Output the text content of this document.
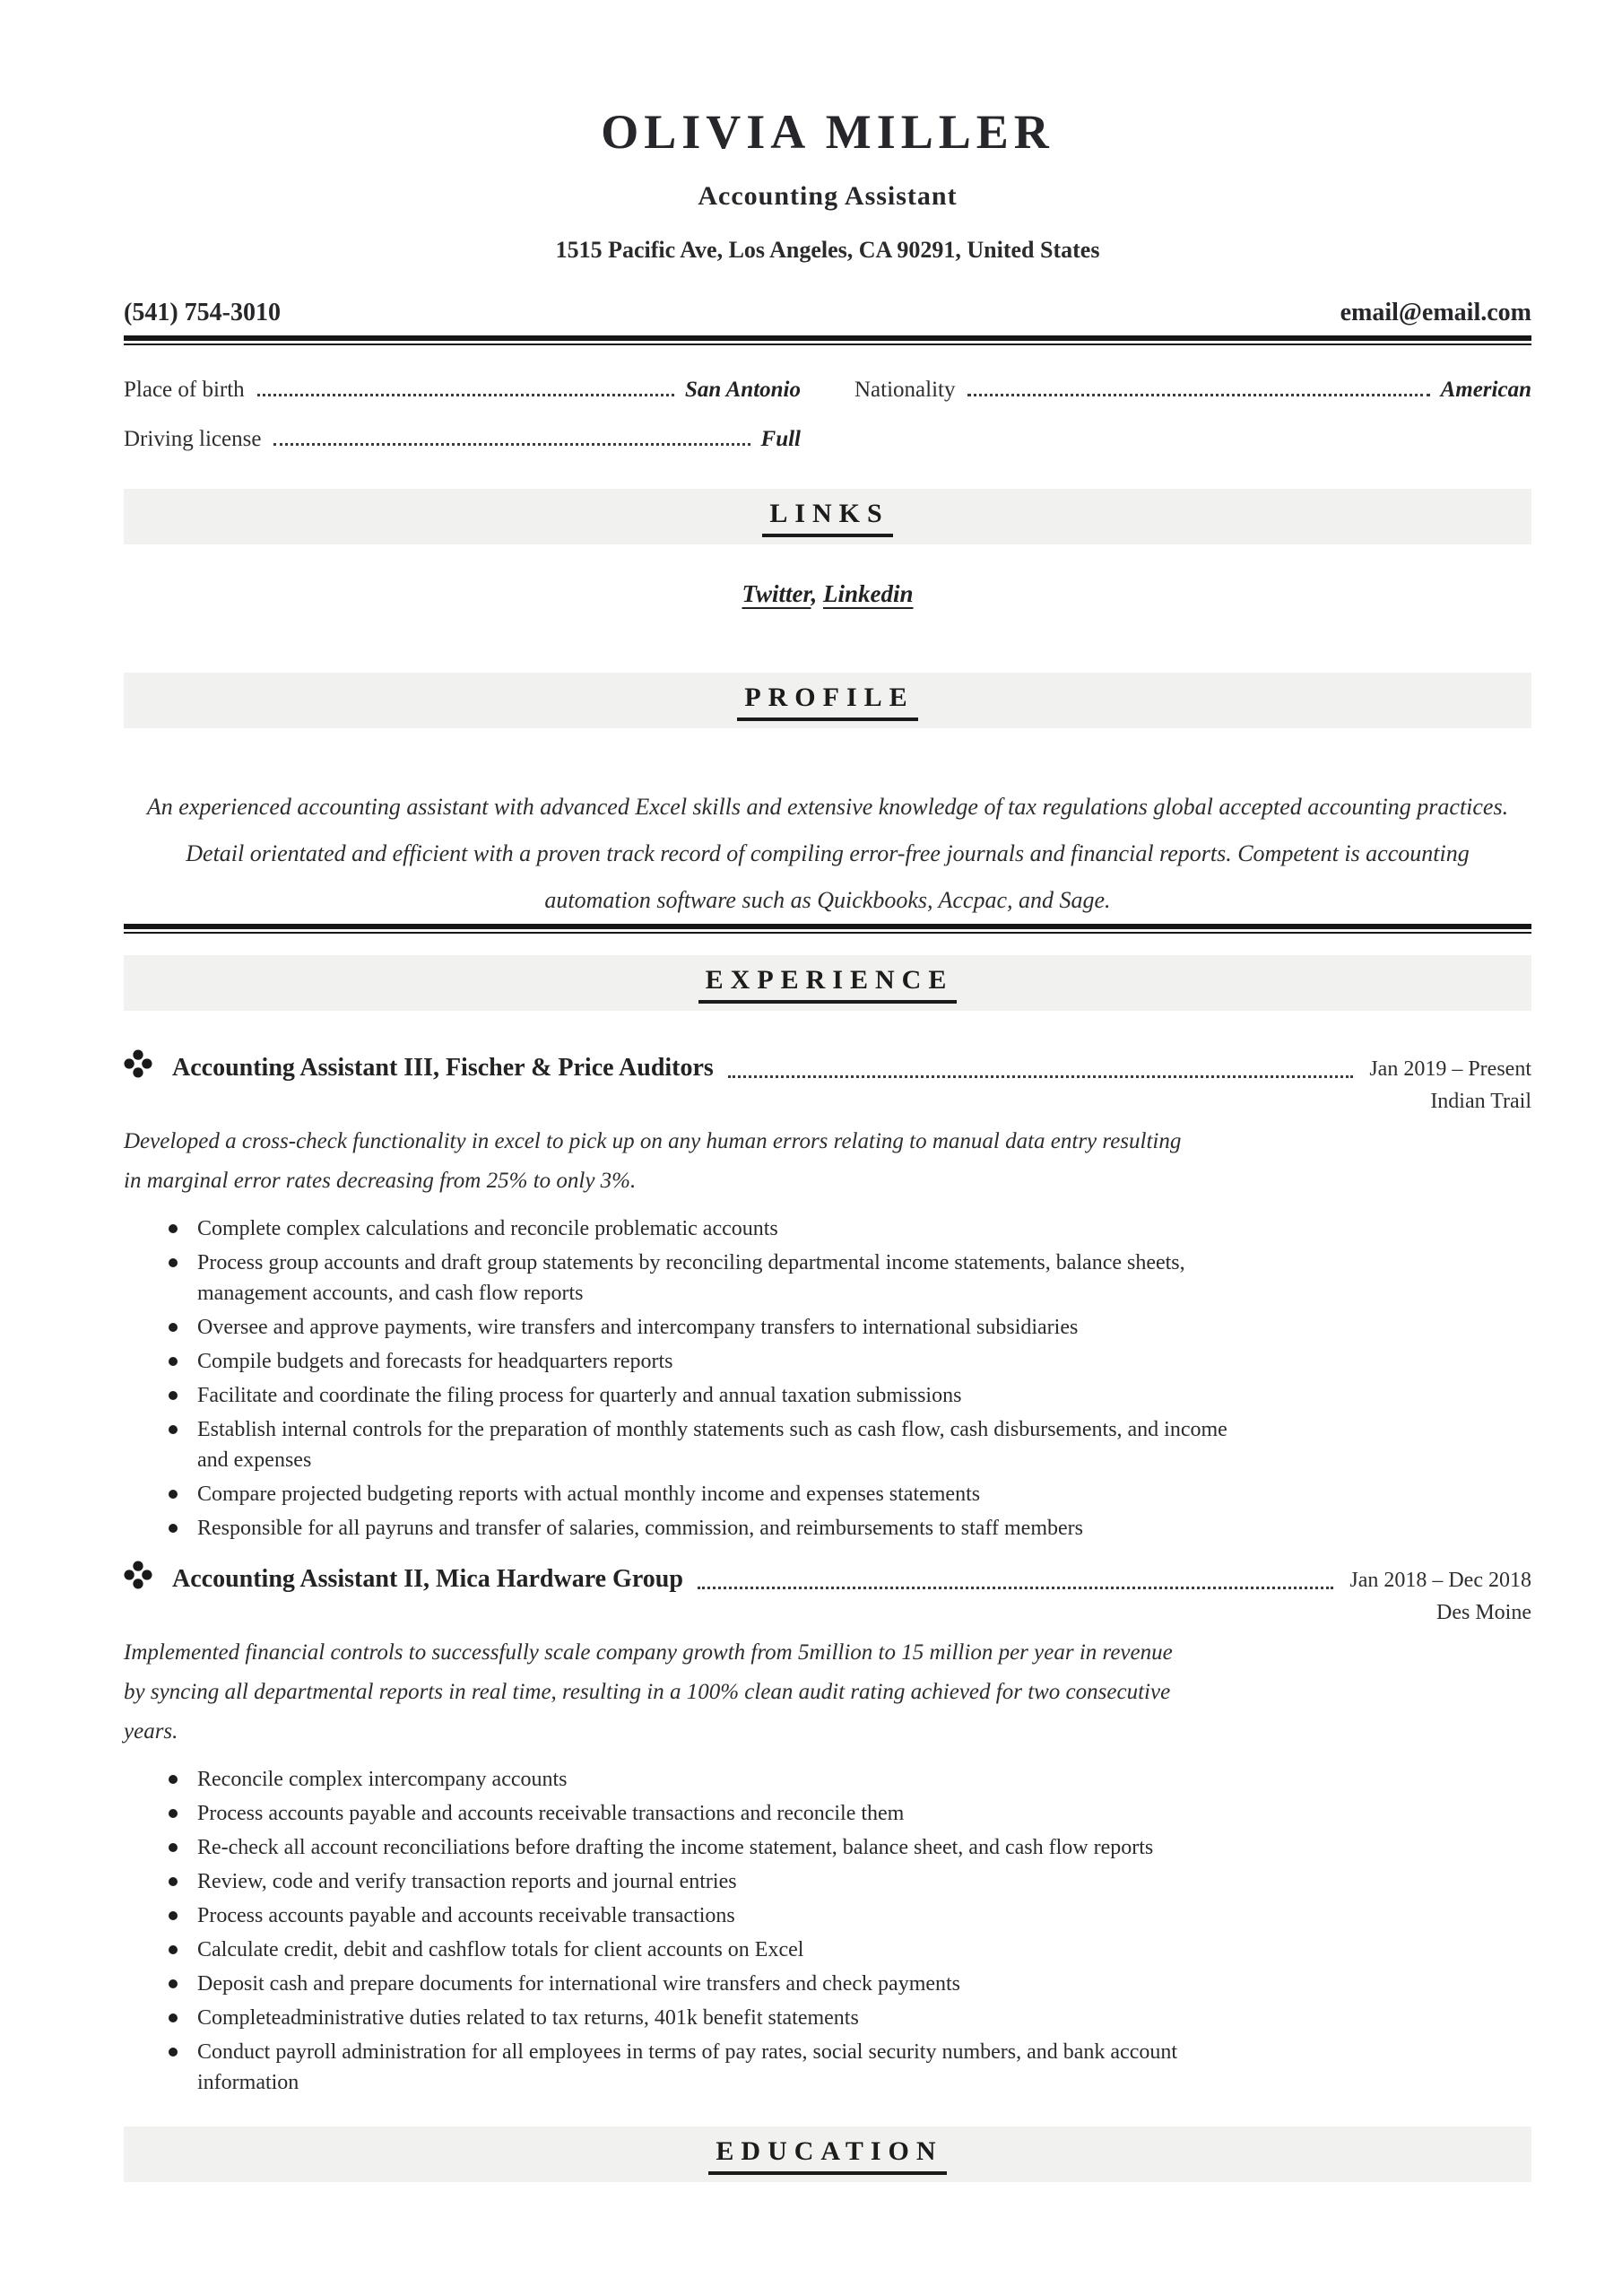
OLIVIA MILLER
Accounting Assistant
1515 Pacific Ave, Los Angeles, CA 90291, United States
(541) 754-3010	email@email.com
Place of birth	San Antonio Nationality	American
Driving license	Full
LINKS
Twitter, Linkedin
PROFILE

An experienced accounting assistant with advanced Excel skills and extensive knowledge of tax regulations global accepted accounting practices. Detail orientated and efficient with a proven track record of compiling error-free journals and financial reports. Competent is accounting automation software such as Quickbooks, Accpac, and Sage.

EXPERIENCE
Accounting Assistant III, Fischer & Price Auditors	Jan 2019 – Present
Indian Trail

Developed a cross-check functionality in excel to pick up on any human errors relating to manual data entry resulting in marginal error rates decreasing from 25% to only 3%.

Complete complex calculations and reconcile problematic accounts
Process group accounts and draft group statements by reconciling departmental income statements, balance sheets, management accounts, and cash flow reports
Oversee and approve payments, wire transfers and intercompany transfers to international subsidiaries
Compile budgets and forecasts for headquarters reports
Facilitate and coordinate the filing process for quarterly and annual taxation submissions
Establish internal controls for the preparation of monthly statements such as cash flow, cash disbursements, and income and expenses
Compare projected budgeting reports with actual monthly income and expenses statements
Responsible for all payruns and transfer of salaries, commission, and reimbursements to staff members
Accounting Assistant II, Mica Hardware Group	Jan 2018 – Dec 2018
Des Moine

Implemented financial controls to successfully scale company growth from 5million to 15 million per year in revenue by syncing all departmental reports in real time, resulting in a 100% clean audit rating achieved for two consecutive years.

Reconcile complex intercompany accounts
Process accounts payable and accounts receivable transactions and reconcile them
Re-check all account reconciliations before drafting the income statement, balance sheet, and cash flow reports
Review, code and verify transaction reports and journal entries
Process accounts payable and accounts receivable transactions
Calculate credit, debit and cashflow totals for client accounts on Excel
Deposit cash and prepare documents for international wire transfers and check payments
Completeadministrative duties related to tax returns, 401k benefit statements
Conduct payroll administration for all employees in terms of pay rates, social security numbers, and bank account information
EDUCATION
